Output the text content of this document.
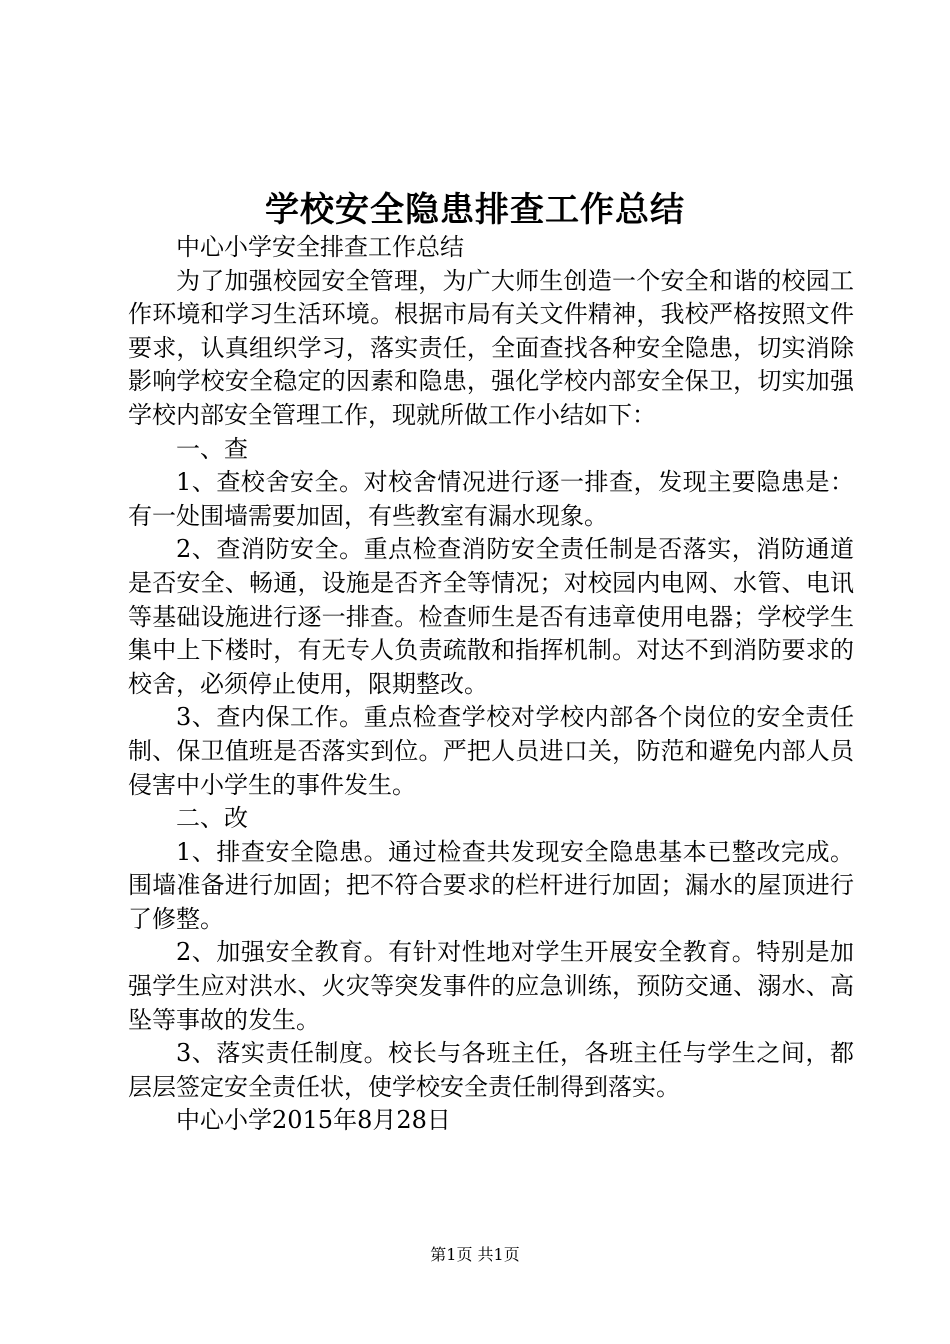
学校安全隐患排查工作总结

中心小学安全排查工作总结

为了加强校园安全管理，为广大师生创造一个安全和谐的校园工作环境和学习生活环境。根据市局有关文件精神，我校严格按照文件要求，认真组织学习，落实责任，全面查找各种安全隐患，切实消除影响学校安全稳定的因素和隐患，强化学校内部安全保卫，切实加强学校内部安全管理工作，现就所做工作小结如下：

一、查

1、查校舍安全。对校舍情况进行逐一排查，发现主要隐患是：有一处围墙需要加固，有些教室有漏水现象。

2、查消防安全。重点检查消防安全责任制是否落实，消防通道是否安全、畅通，设施是否齐全等情况；对校园内电网、水管、电讯等基础设施进行逐一排查。检查师生是否有违章使用电器；学校学生集中上下楼时，有无专人负责疏散和指挥机制。对达不到消防要求的校舍，必须停止使用，限期整改。

3、查内保工作。重点检查学校对学校内部各个岗位的安全责任制、保卫值班是否落实到位。严把人员进口关，防范和避免内部人员侵害中小学生的事件发生。

二、改

1、排查安全隐患。通过检查共发现安全隐患基本已整改完成。围墙准备进行加固；把不符合要求的栏杆进行加固；漏水的屋顶进行了修整。

2、加强安全教育。有针对性地对学生开展安全教育。特别是加强学生应对洪水、火灾等突发事件的应急训练，预防交通、溺水、高坠等事故的发生。

3、落实责任制度。校长与各班主任，各班主任与学生之间，都层层签定安全责任状，使学校安全责任制得到落实。

中心小学2015年8月28日

第1页 共1页
